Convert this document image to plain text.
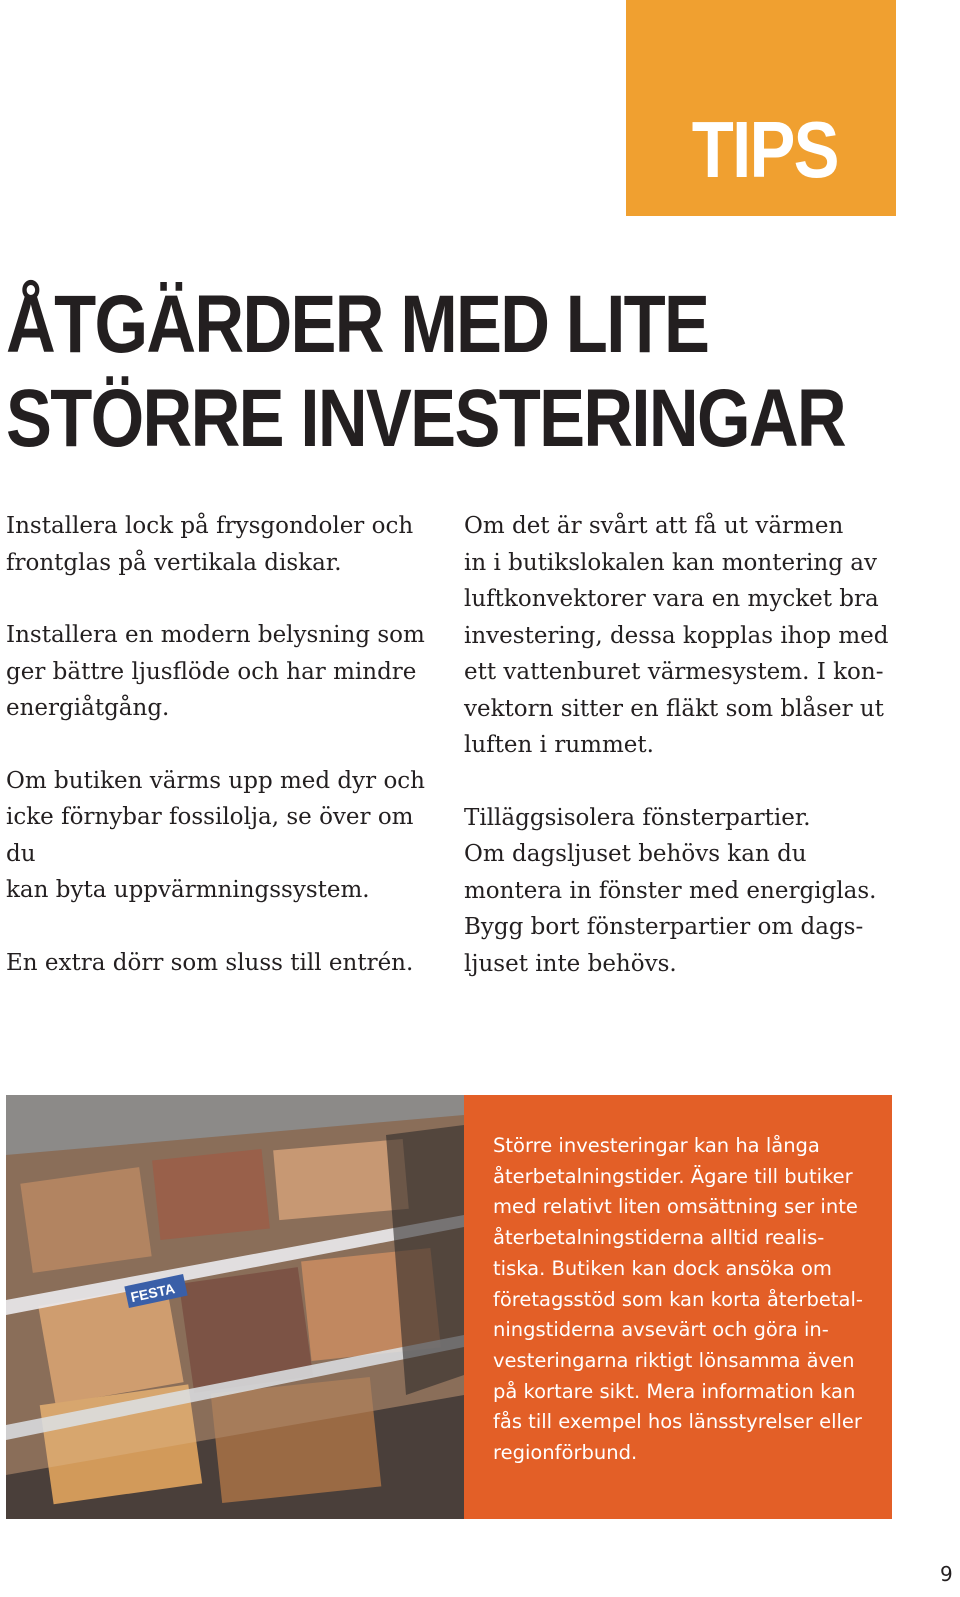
TIPS
ÅTGÄRDER MED LITE
STÖRRE INVESTERINGAR

Installera lock på frysgondoler och
frontglas på vertikala diskar.

Installera en modern belysning som
ger bättre ljusflöde och har mindre
energiåtgång.

Om butiken värms upp med dyr och
icke förnybar fossilolja, se över om du
kan byta uppvärmningssystem.

En extra dörr som sluss till entrén.

Om det är svårt att få ut värmen
in i butikslokalen kan montering av
luftkonvektorer vara en mycket bra
investering, dessa kopplas ihop med
ett vattenburet värmesystem. I kon-
vektorn sitter en fläkt som blåser ut
luften i rummet.

Tilläggsisolera fönsterpartier.
Om dagsljuset behövs kan du
montera in fönster med energiglas.
Bygg bort fönsterpartier om dags-
ljuset inte behövs.

FESTA

Större investeringar kan ha långa
återbetalningstider. Ägare till butiker
med relativt liten omsättning ser inte
återbetalningstiderna alltid realis-
tiska. Butiken kan dock ansöka om
företagsstöd som kan korta återbetal-
ningstiderna avsevärt och göra in-
vesteringarna riktigt lönsamma även
på kortare sikt. Mera information kan
fås till exempel hos länsstyrelser eller
regionförbund.

9
